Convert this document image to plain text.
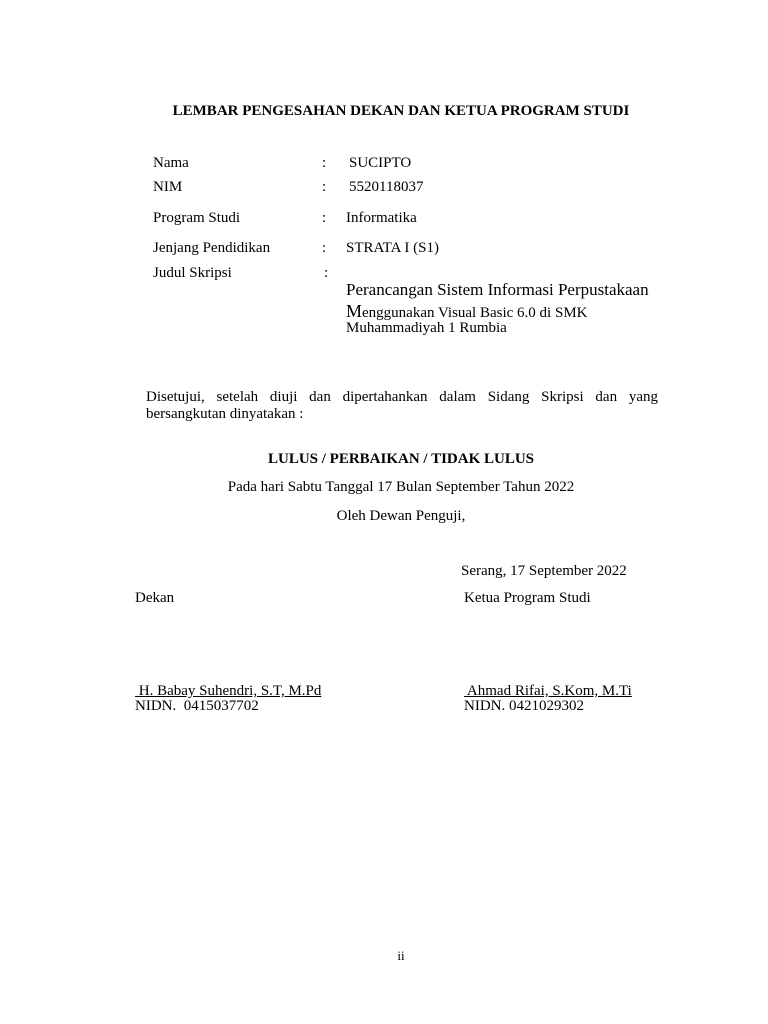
LEMBAR PENGESAHAN DEKAN DAN KETUA PROGRAM STUDI
Nama	: SUCIPTO
NIM	: 5520118037
Program Studi	: Informatika
Jenjang Pendidikan	: STRATA I (S1)
Judul Skripsi	:
Perancangan Sistem Informasi Perpustakaan
Menggunakan Visual Basic 6.0 di SMK
Muhammadiyah 1 Rumbia
Disetujui, setelah diuji dan dipertahankan dalam Sidang Skripsi dan yang bersangkutan dinyatakan :
LULUS / PERBAIKAN / TIDAK LULUS
Pada hari Sabtu Tanggal 17 Bulan September Tahun 2022
Oleh Dewan Penguji,
Serang, 17 September 2022
Dekan	Ketua Program Studi
H. Babay Suhendri, S.T, M.Pd	Ahmad Rifai, S.Kom, M.Ti
NIDN.  0415037702	NIDN. 0421029302
ii
